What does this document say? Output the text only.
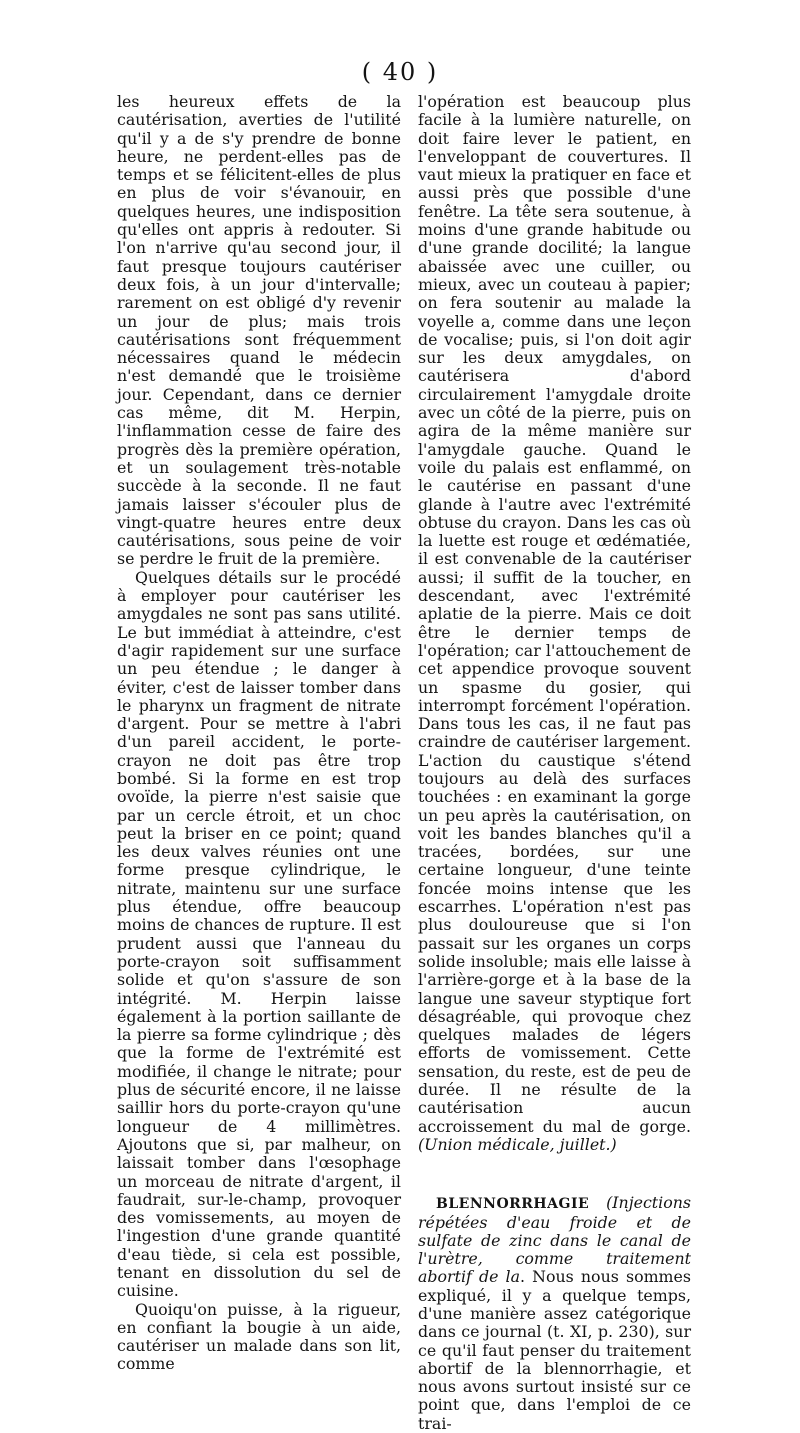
( 40 )

les heureux effets de la cautérisation, averties de l'utilité qu'il y a de s'y prendre de bonne heure, ne perdent-elles pas de temps et se félicitent-elles de plus en plus de voir s'évanouir, en quelques heures, une indisposition qu'elles ont appris à redouter. Si l'on n'arrive qu'au second jour, il faut presque toujours cautériser deux fois, à un jour d'intervalle; rarement on est obligé d'y revenir un jour de plus; mais trois cautérisations sont fréquemment nécessaires quand le médecin n'est demandé que le troisième jour. Cependant, dans ce dernier cas même, dit M. Herpin, l'inflammation cesse de faire des progrès dès la première opération, et un soulagement très-notable succède à la seconde. Il ne faut jamais laisser s'écouler plus de vingt-quatre heures entre deux cautérisations, sous peine de voir se perdre le fruit de la première.

Quelques détails sur le procédé à employer pour cautériser les amygdales ne sont pas sans utilité. Le but immédiat à atteindre, c'est d'agir rapidement sur une surface un peu étendue ; le danger à éviter, c'est de laisser tomber dans le pharynx un fragment de nitrate d'argent. Pour se mettre à l'abri d'un pareil accident, le porte-crayon ne doit pas être trop bombé. Si la forme en est trop ovoïde, la pierre n'est saisie que par un cercle étroit, et un choc peut la briser en ce point; quand les deux valves réunies ont une forme presque cylindrique, le nitrate, maintenu sur une surface plus étendue, offre beaucoup moins de chances de rupture. Il est prudent aussi que l'anneau du porte-crayon soit suffisamment solide et qu'on s'assure de son intégrité. M. Herpin laisse également à la portion saillante de la pierre sa forme cylindrique ; dès que la forme de l'extrémité est modifiée, il change le nitrate; pour plus de sécurité encore, il ne laisse saillir hors du porte-crayon qu'une longueur de 4 millimètres. Ajoutons que si, par malheur, on laissait tomber dans l'œsophage un morceau de nitrate d'argent, il faudrait, sur-le-champ, provoquer des vomissements, au moyen de l'ingestion d'une grande quantité d'eau tiède, si cela est possible, tenant en dissolution du sel de cuisine.

Quoiqu'on puisse, à la rigueur, en confiant la bougie à un aide, cautériser un malade dans son lit, comme

l'opération est beaucoup plus facile à la lumière naturelle, on doit faire lever le patient, en l'enveloppant de couvertures. Il vaut mieux la pratiquer en face et aussi près que possible d'une fenêtre. La tête sera soutenue, à moins d'une grande habitude ou d'une grande docilité; la langue abaissée avec une cuiller, ou mieux, avec un couteau à papier; on fera soutenir au malade la voyelle a, comme dans une leçon de vocalise; puis, si l'on doit agir sur les deux amygdales, on cautérisera d'abord circulairement l'amygdale droite avec un côté de la pierre, puis on agira de la même manière sur l'amygdale gauche. Quand le voile du palais est enflammé, on le cautérise en passant d'une glande à l'autre avec l'extrémité obtuse du crayon. Dans les cas où la luette est rouge et œdématiée, il est convenable de la cautériser aussi; il suffit de la toucher, en descendant, avec l'extrémité aplatie de la pierre. Mais ce doit être le dernier temps de l'opération; car l'attouchement de cet appendice provoque souvent un spasme du gosier, qui interrompt forcément l'opération. Dans tous les cas, il ne faut pas craindre de cautériser largement. L'action du caustique s'étend toujours au delà des surfaces touchées : en examinant la gorge un peu après la cautérisation, on voit les bandes blanches qu'il a tracées, bordées, sur une certaine longueur, d'une teinte foncée moins intense que les escarrhes. L'opération n'est pas plus douloureuse que si l'on passait sur les organes un corps solide insoluble; mais elle laisse à l'arrière-gorge et à la base de la langue une saveur styptique fort désagréable, qui provoque chez quelques malades de légers efforts de vomissement. Cette sensation, du reste, est de peu de durée. Il ne résulte de la cautérisation aucun accroissement du mal de gorge. (Union médicale, juillet.)

BLENNORRHAGIE (Injections répétées d'eau froide et de sulfate de zinc dans le canal de l'urètre, comme traitement abortif de la. Nous nous sommes expliqué, il y a quelque temps, d'une manière assez catégorique dans ce journal (t. XI, p. 230), sur ce qu'il faut penser du traitement abortif de la blennorrhagie, et nous avons surtout insisté sur ce point que, dans l'emploi de ce trai-
